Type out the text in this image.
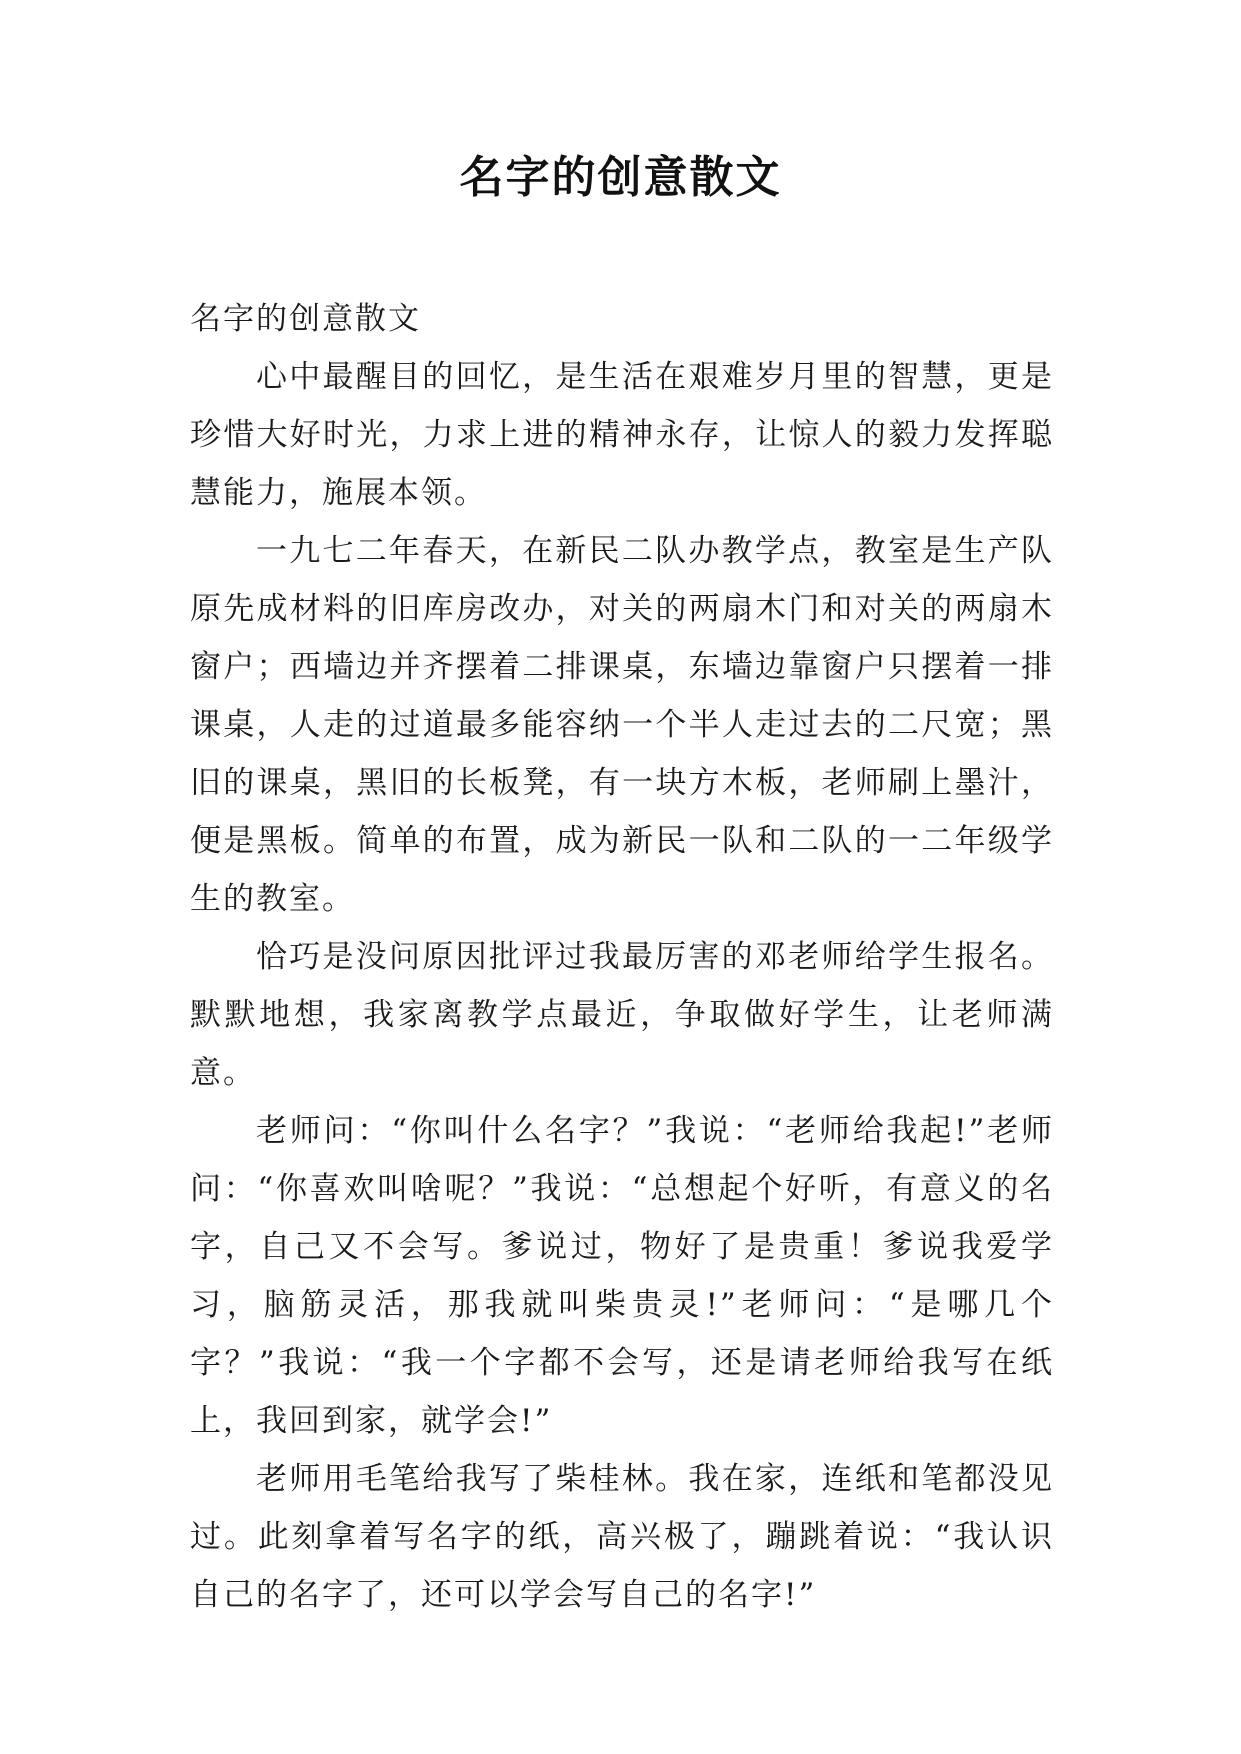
名字的创意散文

名字的创意散文

心中最醒目的回忆，是生活在艰难岁月里的智慧，更是珍惜大好时光，力求上进的精神永存，让惊人的毅力发挥聪慧能力，施展本领。

一九七二年春天，在新民二队办教学点，教室是生产队原先成材料的旧库房改办，对关的两扇木门和对关的两扇木窗户；西墙边并齐摆着二排课桌，东墙边靠窗户只摆着一排课桌，人走的过道最多能容纳一个半人走过去的二尺宽；黑旧的课桌，黑旧的长板凳，有一块方木板，老师刷上墨汁，便是黑板。简单的布置，成为新民一队和二队的一二年级学生的教室。

恰巧是没问原因批评过我最厉害的邓老师给学生报名。默默地想，我家离教学点最近，争取做好学生，让老师满意。

老师问：“你叫什么名字？”我说：“老师给我起!”老师问：“你喜欢叫啥呢？”我说：“总想起个好听，有意义的名字，自己又不会写。爹说过，物好了是贵重！爹说我爱学习，脑筋灵活，那我就叫柴贵灵!”老师问：“是哪几个字？”我说：“我一个字都不会写，还是请老师给我写在纸上，我回到家，就学会!”

老师用毛笔给我写了柴桂林。我在家，连纸和笔都没见过。此刻拿着写名字的纸，高兴极了，蹦跳着说：“我认识自己的名字了，还可以学会写自己的名字!”
